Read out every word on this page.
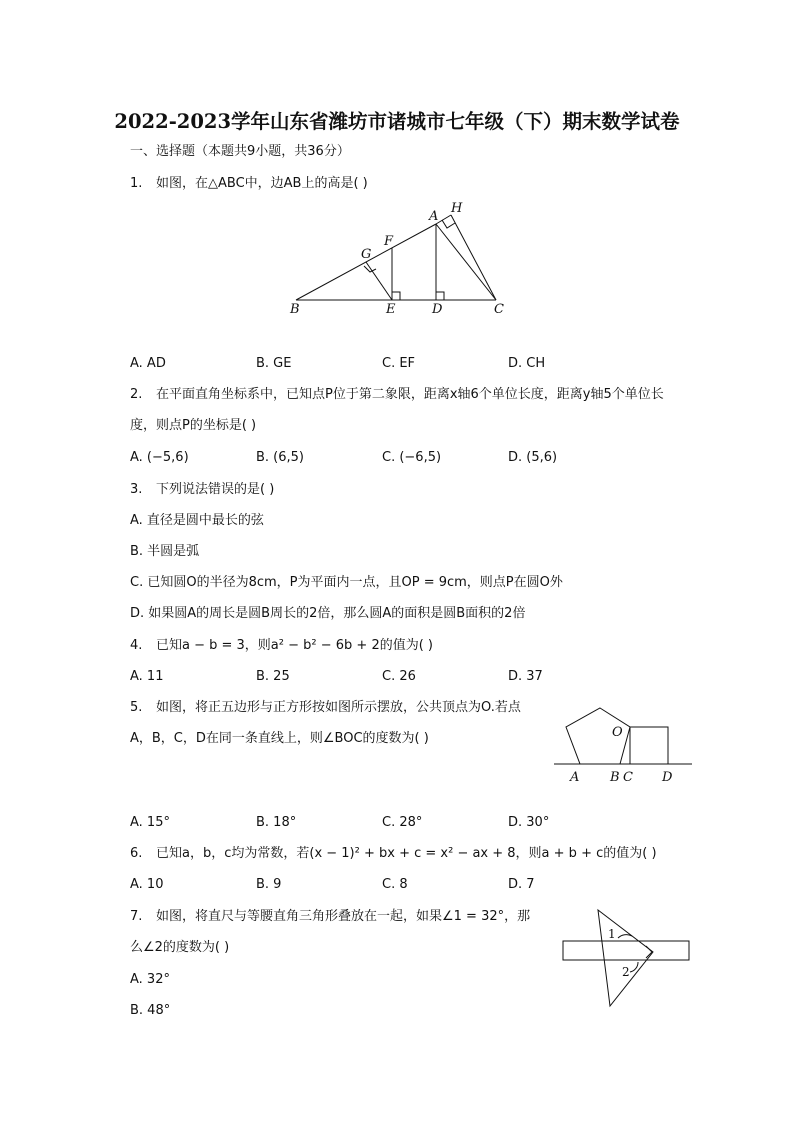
2022-2023学年山东省潍坊市诸城市七年级（下）期末数学试卷
一、选择题（本题共9小题，共36分）
1. 如图，在△ABC中，边AB上的高是( )
A
H
G
F
B	E	D	C
A. AD	B. GE	C. EF	D. CH
2. 在平面直角坐标系中，已知点P位于第二象限，距离x轴6个单位长度，距离y轴5个单位长
度，则点P的坐标是( )
A. (−5,6)	B. (6,5)	C. (−6,5)	D. (5,6)
3. 下列说法错误的是( )
A. 直径是圆中最长的弦
B. 半圆是弧
C. 已知圆O的半径为8cm，P为平面内一点，且OP = 9cm，则点P在圆O外
D. 如果圆A的周长是圆B周长的2倍，那么圆A的面积是圆B面积的2倍
4. 已知a − b = 3，则a² − b² − 6b + 2的值为( )
A. 11	B. 25	C. 26	D. 37
5. 如图，将正五边形与正方形按如图所示摆放，公共顶点为O.若点
A，B，C，D在同一条直线上，则∠BOC的度数为( )	O
A B C D
A. 15°	B. 18°	C. 28°	D. 30°
6. 已知a，b，c均为常数，若(x − 1)² + bx + c = x² − ax + 8，则a + b + c的值为( )
A. 10	B. 9	C. 8	D. 7
7. 如图，将直尺与等腰直角三角形叠放在一起，如果∠1 = 32°，那
么∠2的度数为( )
1
2
A. 32°
B. 48°
